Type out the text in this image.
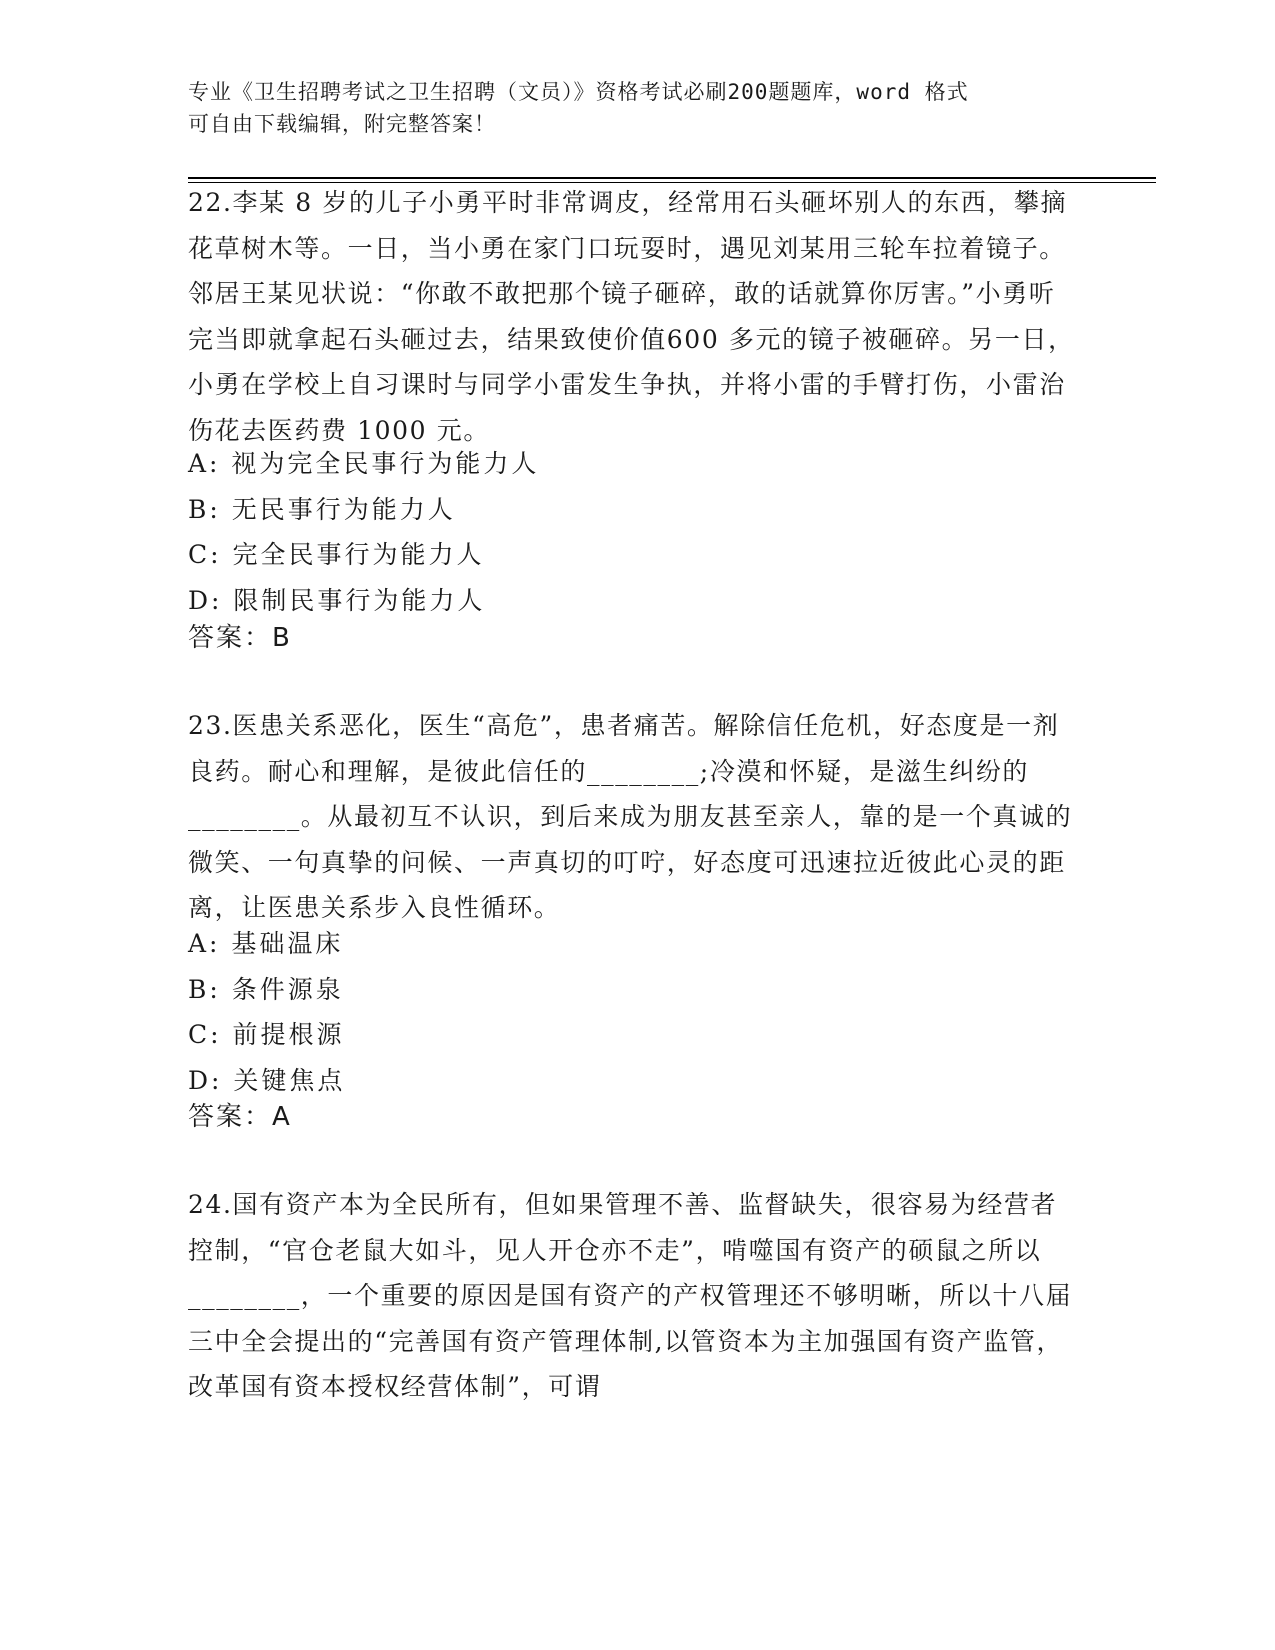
专业《卫生招聘考试之卫生招聘（文员）》资格考试必刷200题题库，word 格式
可自由下载编辑，附完整答案！
22.李某 8 岁的儿子小勇平时非常调皮，经常用石头砸坏别人的东西，攀摘花草树木等。一日，当小勇在家门口玩耍时，遇见刘某用三轮车拉着镜子。邻居王某见状说：“你敢不敢把那个镜子砸碎，敢的话就算你厉害。”小勇听完当即就拿起石头砸过去，结果致使价值600 多元的镜子被砸碎。另一日，小勇在学校上自习课时与同学小雷发生争执，并将小雷的手臂打伤，小雷治伤花去医药费 1000 元。
A: 视为完全民事行为能力人
B: 无民事行为能力人
C: 完全民事行为能力人
D: 限制民事行为能力人
答案：B
23.医患关系恶化，医生“高危”，患者痛苦。解除信任危机，好态度是一剂良药。耐心和理解，是彼此信任的________;冷漠和怀疑，是滋生纠纷的________。从最初互不认识，到后来成为朋友甚至亲人，靠的是一个真诚的微笑、一句真挚的问候、一声真切的叮咛，好态度可迅速拉近彼此心灵的距离，让医患关系步入良性循环。
A: 基础温床
B: 条件源泉
C: 前提根源
D: 关键焦点
答案：A
24.国有资产本为全民所有，但如果管理不善、监督缺失，很容易为经营者控制，“官仓老鼠大如斗，见人开仓亦不走”，啃噬国有资产的硕鼠之所以________，一个重要的原因是国有资产的产权管理还不够明晰，所以十八届三中全会提出的“完善国有资产管理体制,以管资本为主加强国有资产监管，改革国有资本授权经营体制”，可谓
